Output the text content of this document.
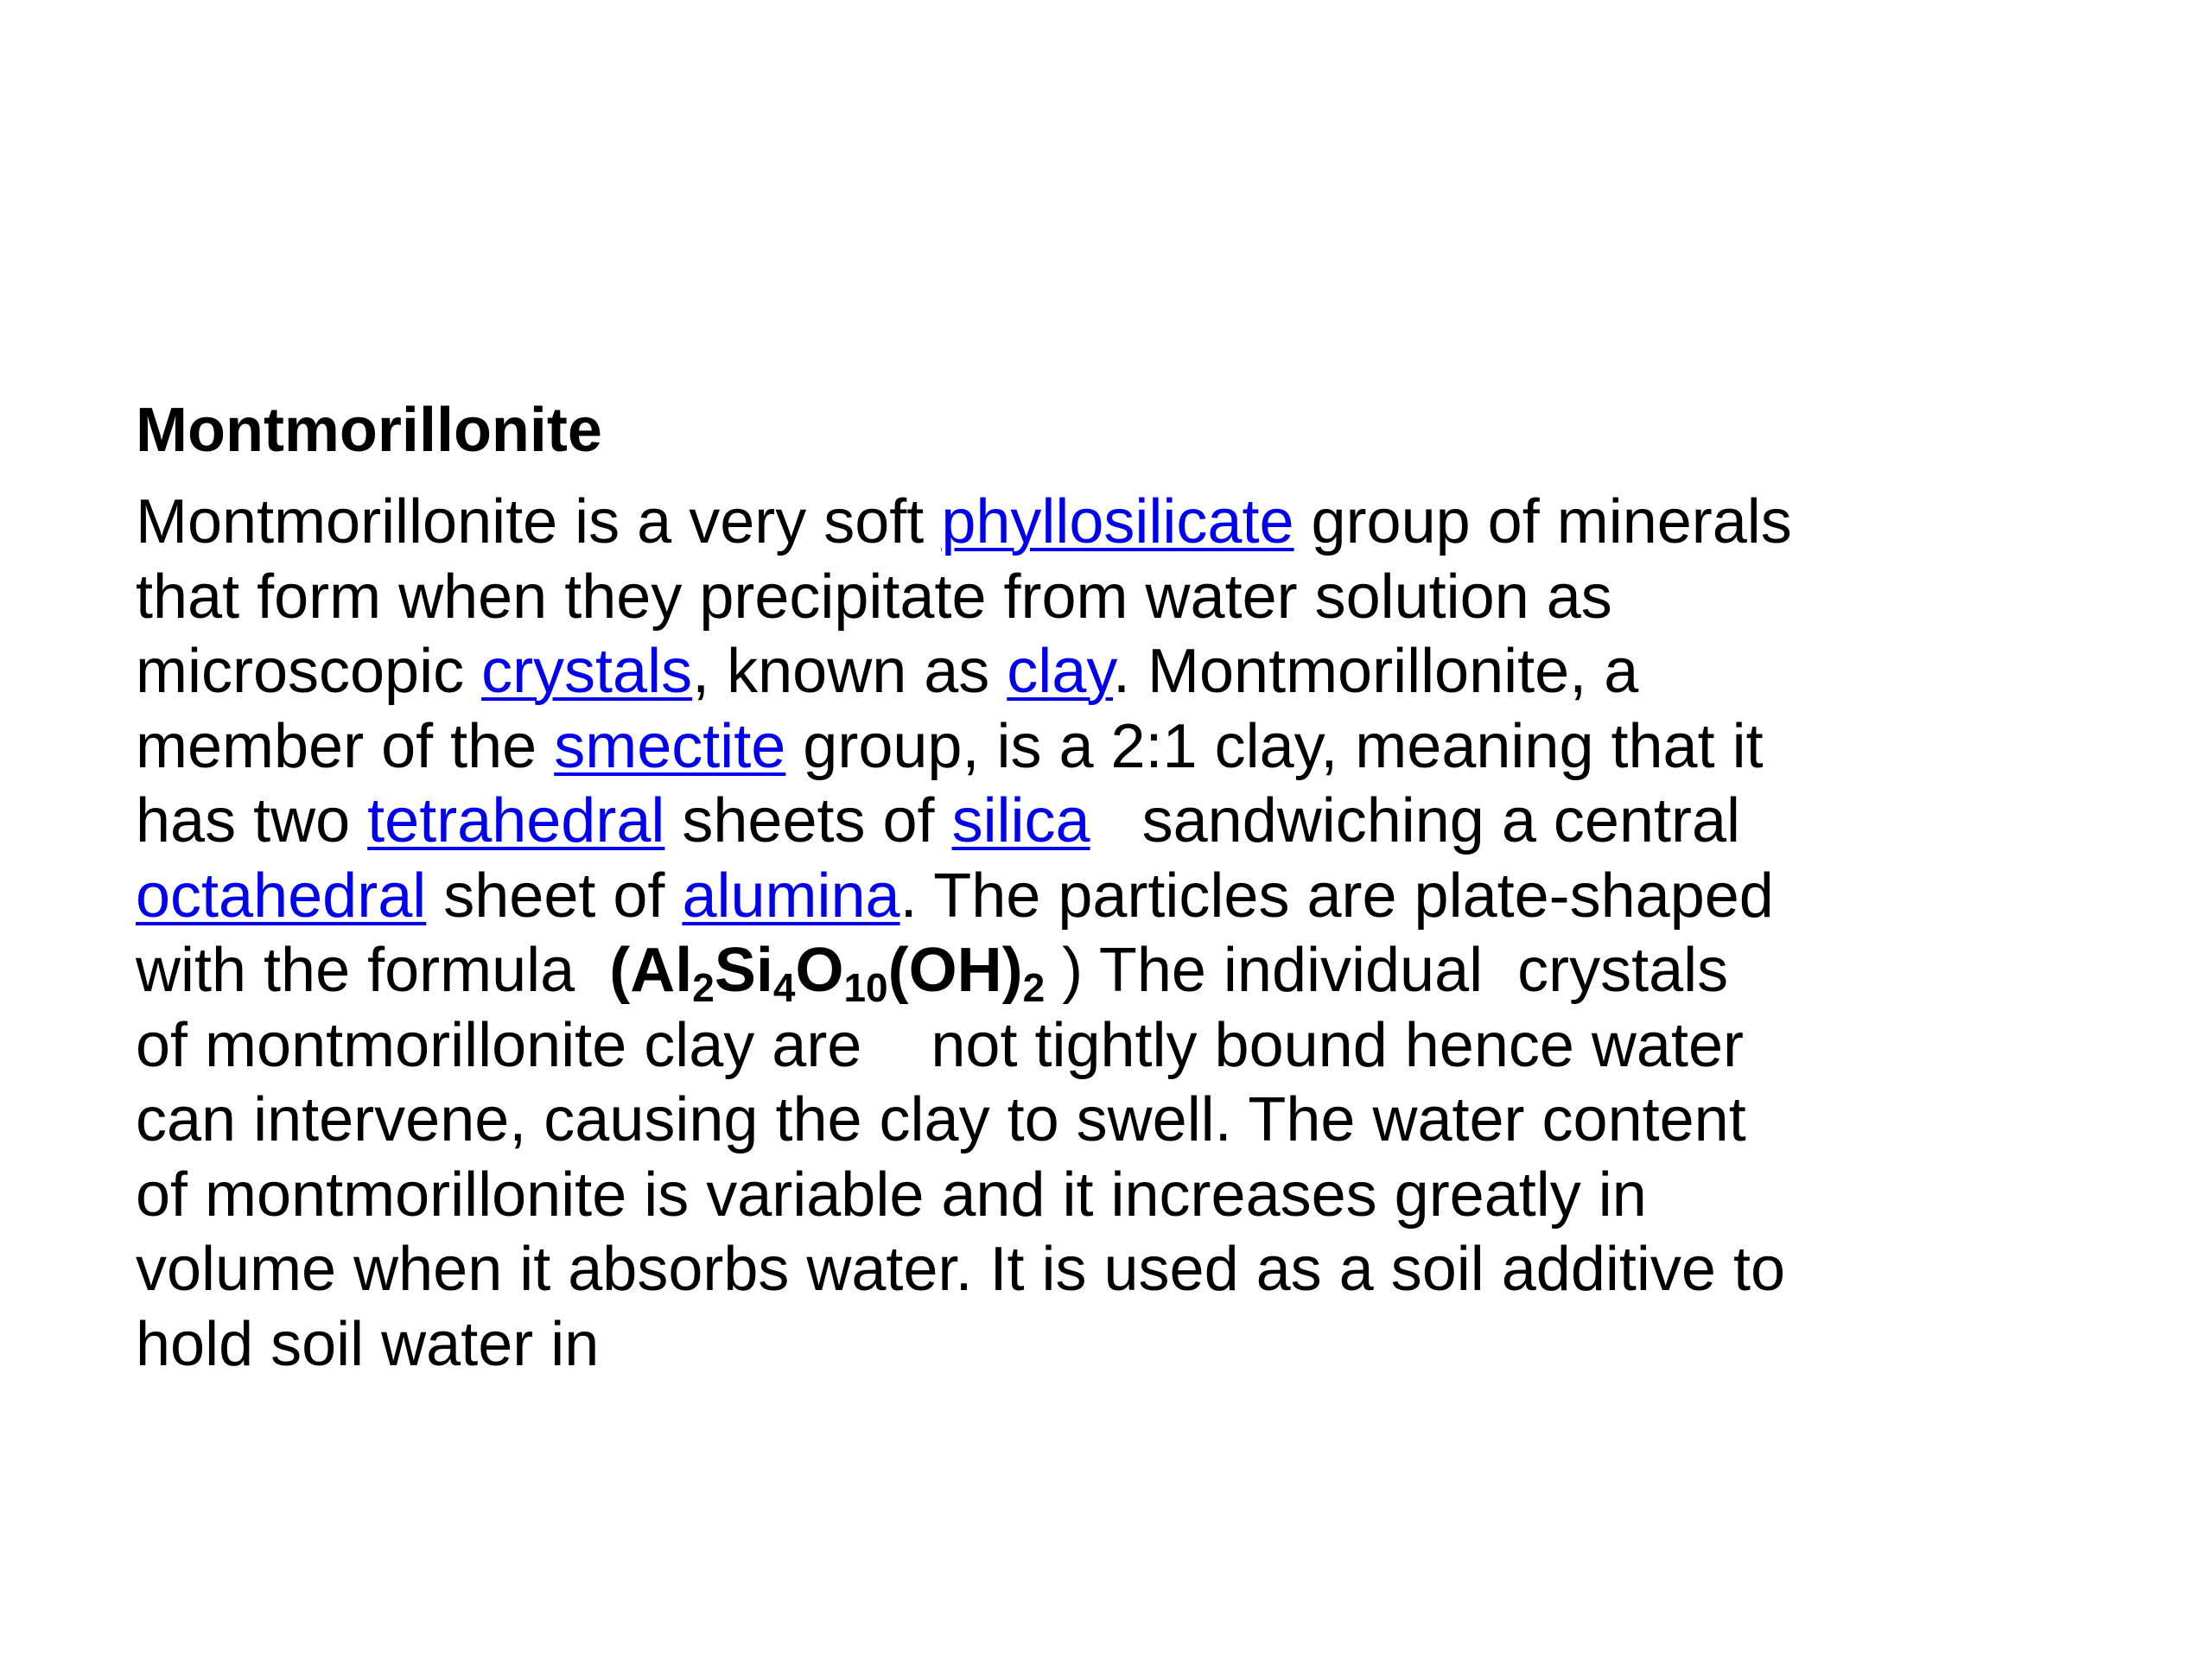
Montmorillonite
Montmorillonite is a very soft phyllosilicate group of minerals
that form when they precipitate from water solution as
microscopic crystals, known as clay. Montmorillonite, a
member of the smectite group, is a 2:1 clay, meaning that it
has two tetrahedral sheets of silica   sandwiching a central
octahedral sheet of alumina. The particles are plate-shaped
with the formula  ($Al_2Si_4O_{10}(OH)_2$ ) The individual  crystals
of montmorillonite clay are    not tightly bound hence water
can intervene, causing the clay to swell. The water content
of montmorillonite is variable and it increases greatly in
volume when it absorbs water. It is used as a soil additive to
hold soil water in
